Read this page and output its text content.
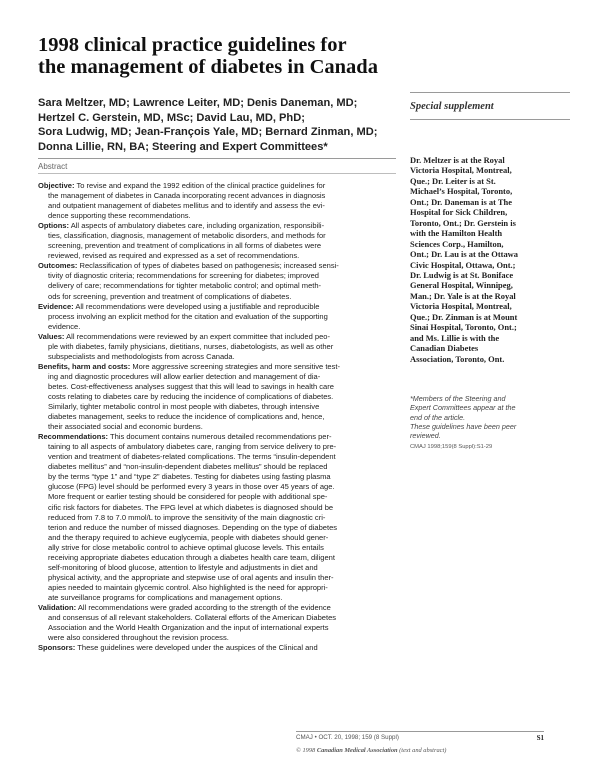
1998 clinical practice guidelines for
the management of diabetes in Canada
Sara Meltzer, MD; Lawrence Leiter, MD; Denis Daneman, MD;
Hertzel C. Gerstein, MD, MSc; David Lau, MD, PhD;
Sora Ludwig, MD; Jean-François Yale, MD; Bernard Zinman, MD;
Donna Lillie, RN, BA; Steering and Expert Committees*
Abstract

Objective: To revise and expand the 1992 edition of the clinical practice guidelines for
the management of diabetes in Canada incorporating recent advances in diagnosis
and outpatient management of diabetes mellitus and to identify and assess the evi-
dence supporting these recommendations.

Options: All aspects of ambulatory diabetes care, including organization, responsibili-
ties, classification, diagnosis, management of metabolic disorders, and methods for
screening, prevention and treatment of complications in all forms of diabetes were
reviewed, revised as required and expressed as a set of recommendations.

Outcomes: Reclassification of types of diabetes based on pathogenesis; increased sensi-
tivity of diagnostic criteria; recommendations for screening for diabetes; improved
delivery of care; recommendations for tighter metabolic control; and optimal meth-
ods for screening, prevention and treatment of complications of diabetes.

Evidence: All recommendations were developed using a justifiable and reproducible
process involving an explicit method for the citation and evaluation of the supporting
evidence.

Values: All recommendations were reviewed by an expert committee that included peo-
ple with diabetes, family physicians, dietitians, nurses, diabetologists, as well as other
subspecialists and methodologists from across Canada.

Benefits, harm and costs: More aggressive screening strategies and more sensitive test-
ing and diagnostic procedures will allow earlier detection and management of dia-
betes. Cost-effectiveness analyses suggest that this will lead to savings in health care
costs relating to diabetes care by reducing the incidence of complications of diabetes.
Similarly, tighter metabolic control in most people with diabetes, through intensive
diabetes management, seeks to reduce the incidence of complications and, hence,
their associated social and economic burdens.

Recommendations: This document contains numerous detailed recommendations per-
taining to all aspects of ambulatory diabetes care, ranging from service delivery to pre-
vention and treatment of diabetes-related complications. The terms “insulin-dependent
diabetes mellitus” and “non-insulin-dependent diabetes mellitus” should be replaced
by the terms “type 1” and “type 2” diabetes. Testing for diabetes using fasting plasma
glucose (FPG) level should be performed every 3 years in those over 45 years of age.
More frequent or earlier testing should be considered for people with additional spe-
cific risk factors for diabetes. The FPG level at which diabetes is diagnosed should be
reduced from 7.8 to 7.0 mmol/L to improve the sensitivity of the main diagnostic cri-
terion and reduce the number of missed diagnoses. Depending on the type of diabetes
and the therapy required to achieve euglycemia, people with diabetes should gener-
ally strive for close metabolic control to achieve optimal glucose levels. This entails
receiving appropriate diabetes education through a diabetes health care team, diligent
self-monitoring of blood glucose, attention to lifestyle and adjustments in diet and
physical activity, and the appropriate and stepwise use of oral agents and insulin ther-
apies needed to maintain glycemic control. Also highlighted is the need for appropri-
ate surveillance programs for complications and management options.

Validation: All recommendations were graded according to the strength of the evidence
and consensus of all relevant stakeholders. Collateral efforts of the American Diabetes
Association and the World Health Organization and the input of international experts
were also considered throughout the revision process.

Sponsors: These guidelines were developed under the auspices of the Clinical and

Special supplement
Dr. Meltzer is at the Royal
Victoria Hospital, Montreal,
Que.; Dr. Leiter is at St.
Michael’s Hospital, Toronto,
Ont.; Dr. Daneman is at The
Hospital for Sick Children,
Toronto, Ont.; Dr. Gerstein is
with the Hamilton Health
Sciences Corp., Hamilton,
Ont.; Dr. Lau is at the Ottawa
Civic Hospital, Ottawa, Ont.;
Dr. Ludwig is at St. Boniface
General Hospital, Winnipeg,
Man.; Dr. Yale is at the Royal
Victoria Hospital, Montreal,
Que.; Dr. Zinman is at Mount
Sinai Hospital, Toronto, Ont.;
and Ms. Lillie is with the
Canadian Diabetes
Association, Toronto, Ont.
*Members of the Steering and
Expert Committees appear at the
end of the article.
These guidelines have been peer
reviewed.
CMAJ 1998;159(8 Suppl):S1-29
CMAJ • OCT. 20, 1998; 159 (8 Suppl)	S1
© 1998 Canadian Medical Association (text and abstract)
